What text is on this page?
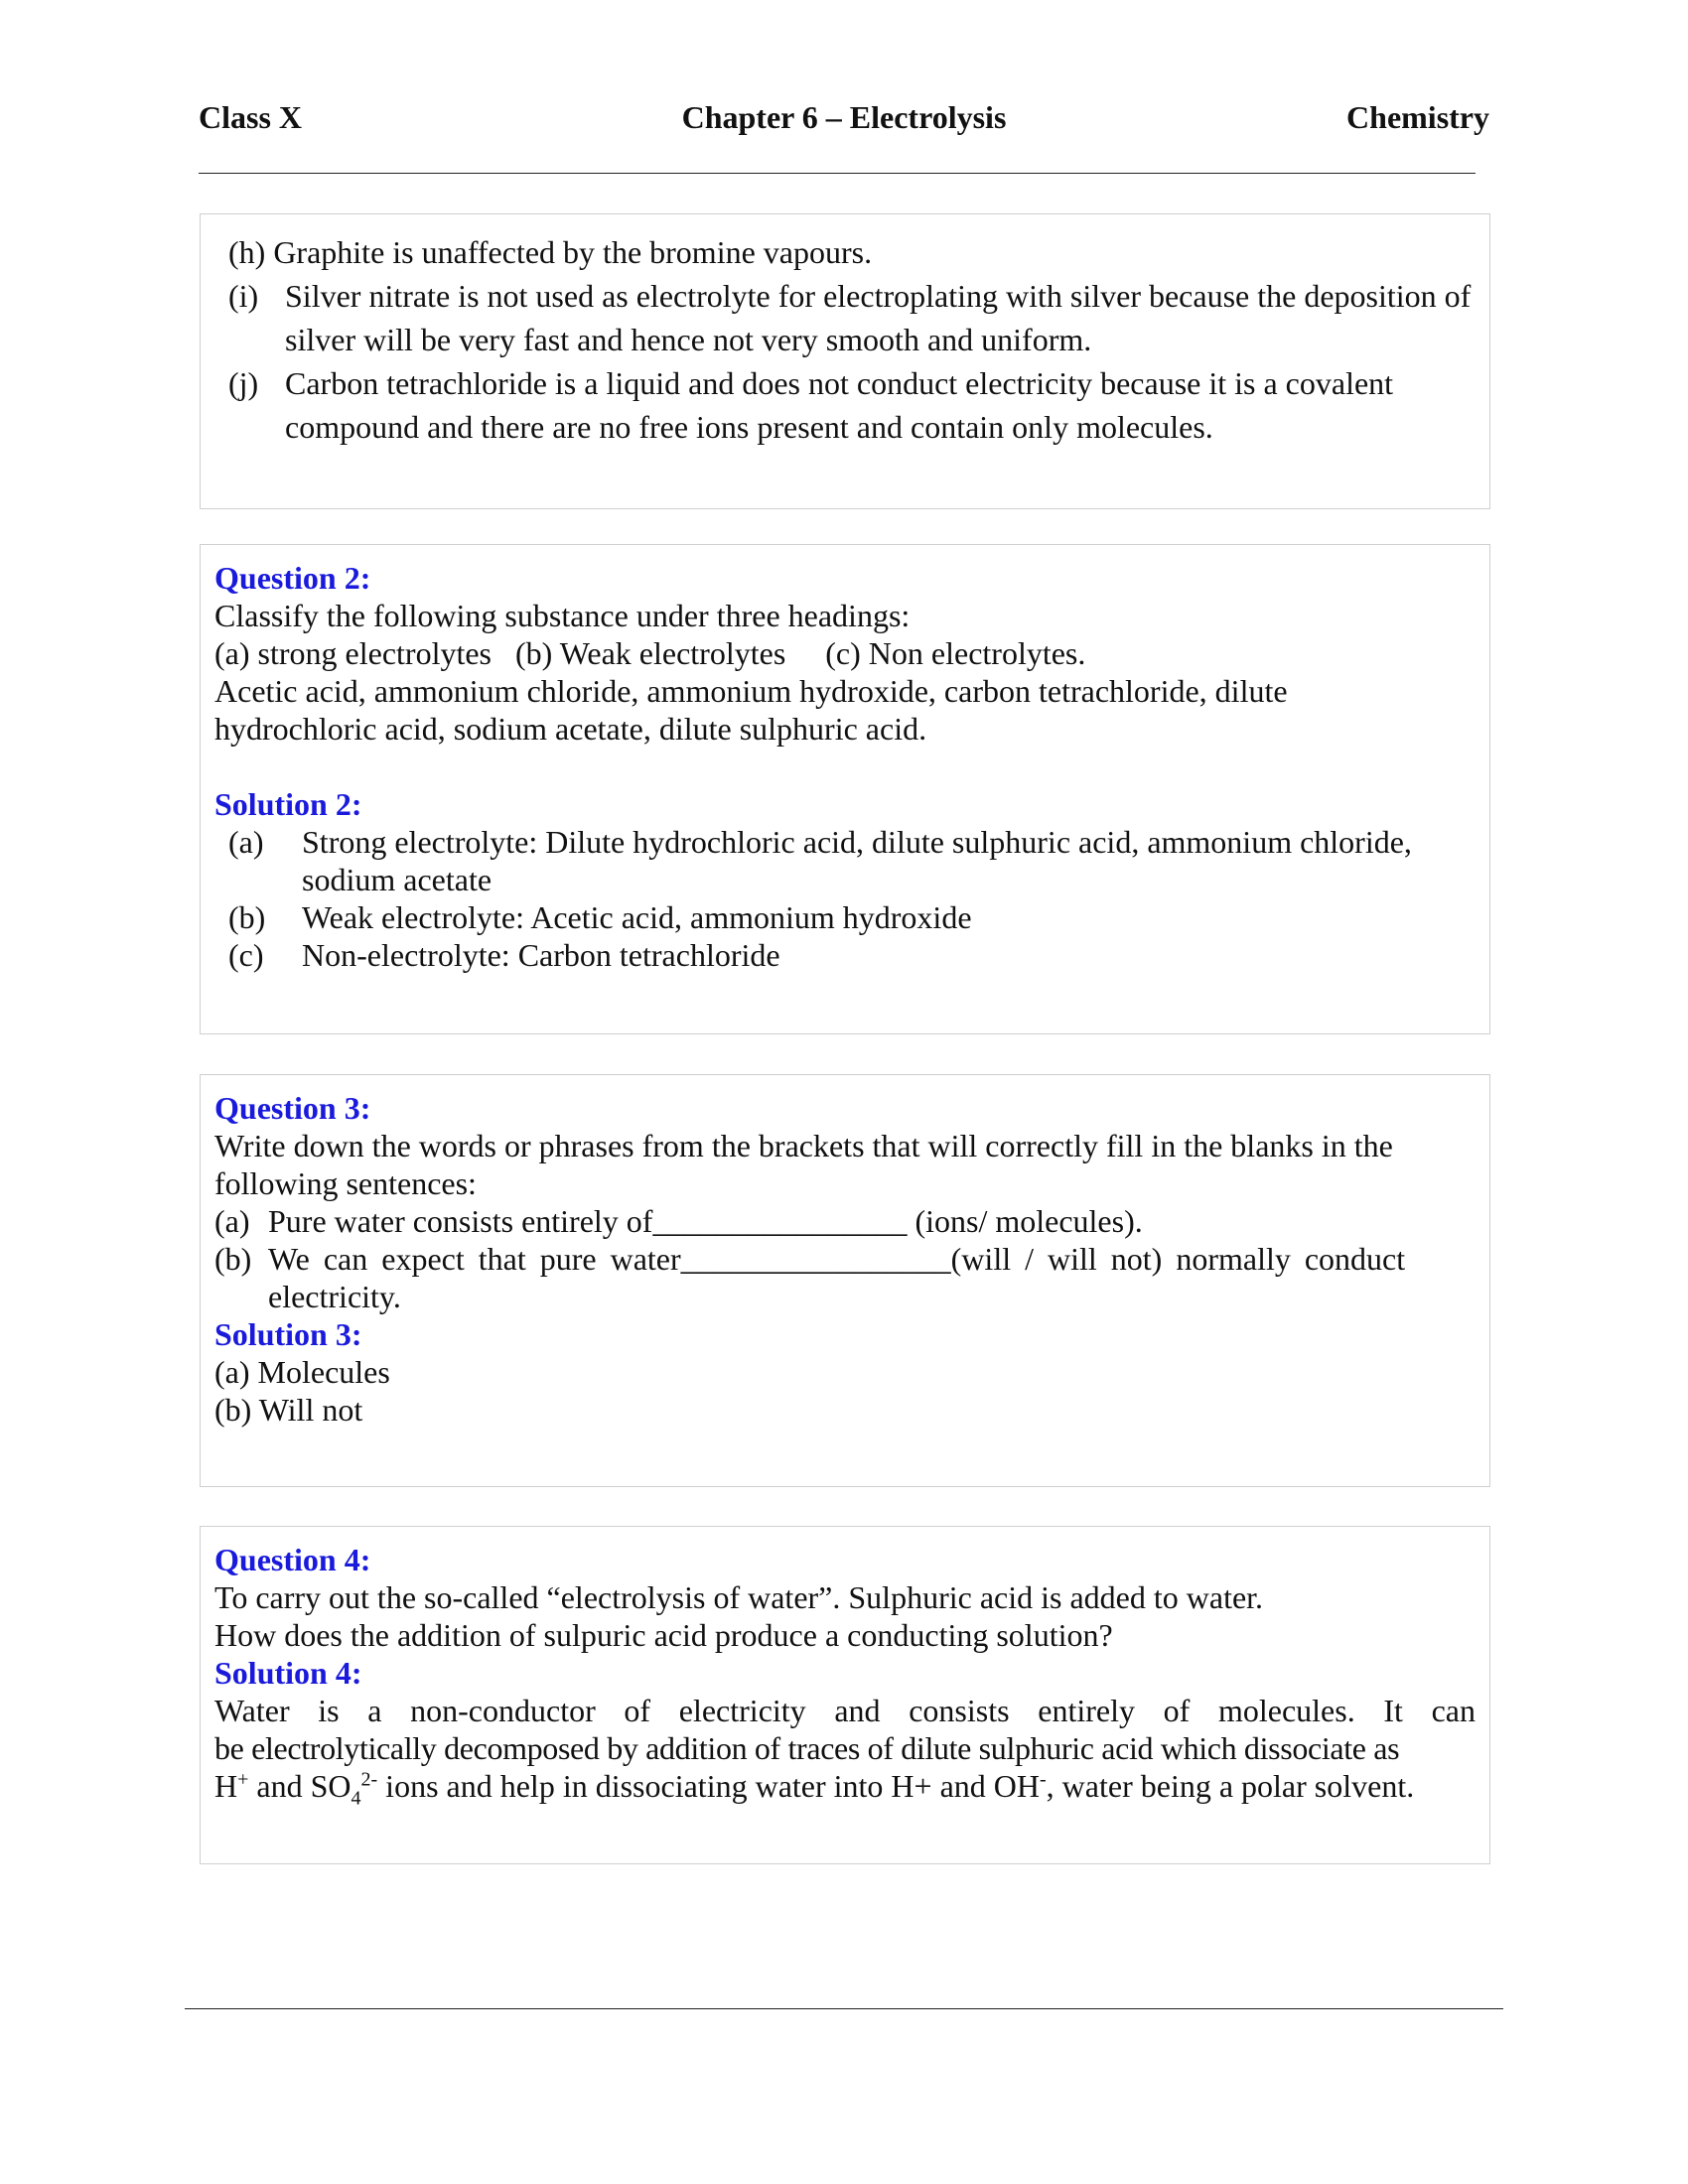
Class X	Chapter 6 – Electrolysis	Chemistry
(h) Graphite is unaffected by the bromine vapours.
(i) Silver nitrate is not used as electrolyte for electroplating with silver because the deposition of silver will be very fast and hence not very smooth and uniform.
(j) Carbon tetrachloride is a liquid and does not conduct electricity because it is a covalent compound and there are no free ions present and contain only molecules.
Question 2:
Classify the following substance under three headings:
(a) strong electrolytes   (b) Weak electrolytes     (c) Non electrolytes.
Acetic acid, ammonium chloride, ammonium hydroxide, carbon tetrachloride, dilute
hydrochloric acid, sodium acetate, dilute sulphuric acid.
Solution 2:
(a)	Strong electrolyte: Dilute hydrochloric acid, dilute sulphuric acid, ammonium chloride, sodium acetate
(b)	Weak electrolyte: Acetic acid, ammonium hydroxide
(c)	Non-electrolyte: Carbon tetrachloride
Question 3:
Write down the words or phrases from the brackets that will correctly fill in the blanks in the following sentences:
(a) Pure water consists entirely of________________ (ions/ molecules).
(b) We can expect that pure water_________________(will / will not) normally conduct electricity.
Solution 3:
(a) Molecules
(b) Will not
Question 4:
To carry out the so-called “electrolysis of water”. Sulphuric acid is added to water.
How does the addition of sulpuric acid produce a conducting solution?
Solution 4:
Water is a non-conductor of electricity and consists entirely of molecules. It can
be electrolytically decomposed by addition of traces of dilute sulphuric acid which dissociate as
H+ and $SO_4^{2-}$ ions and help in dissociating water into H+ and OH-, water being a polar solvent.
